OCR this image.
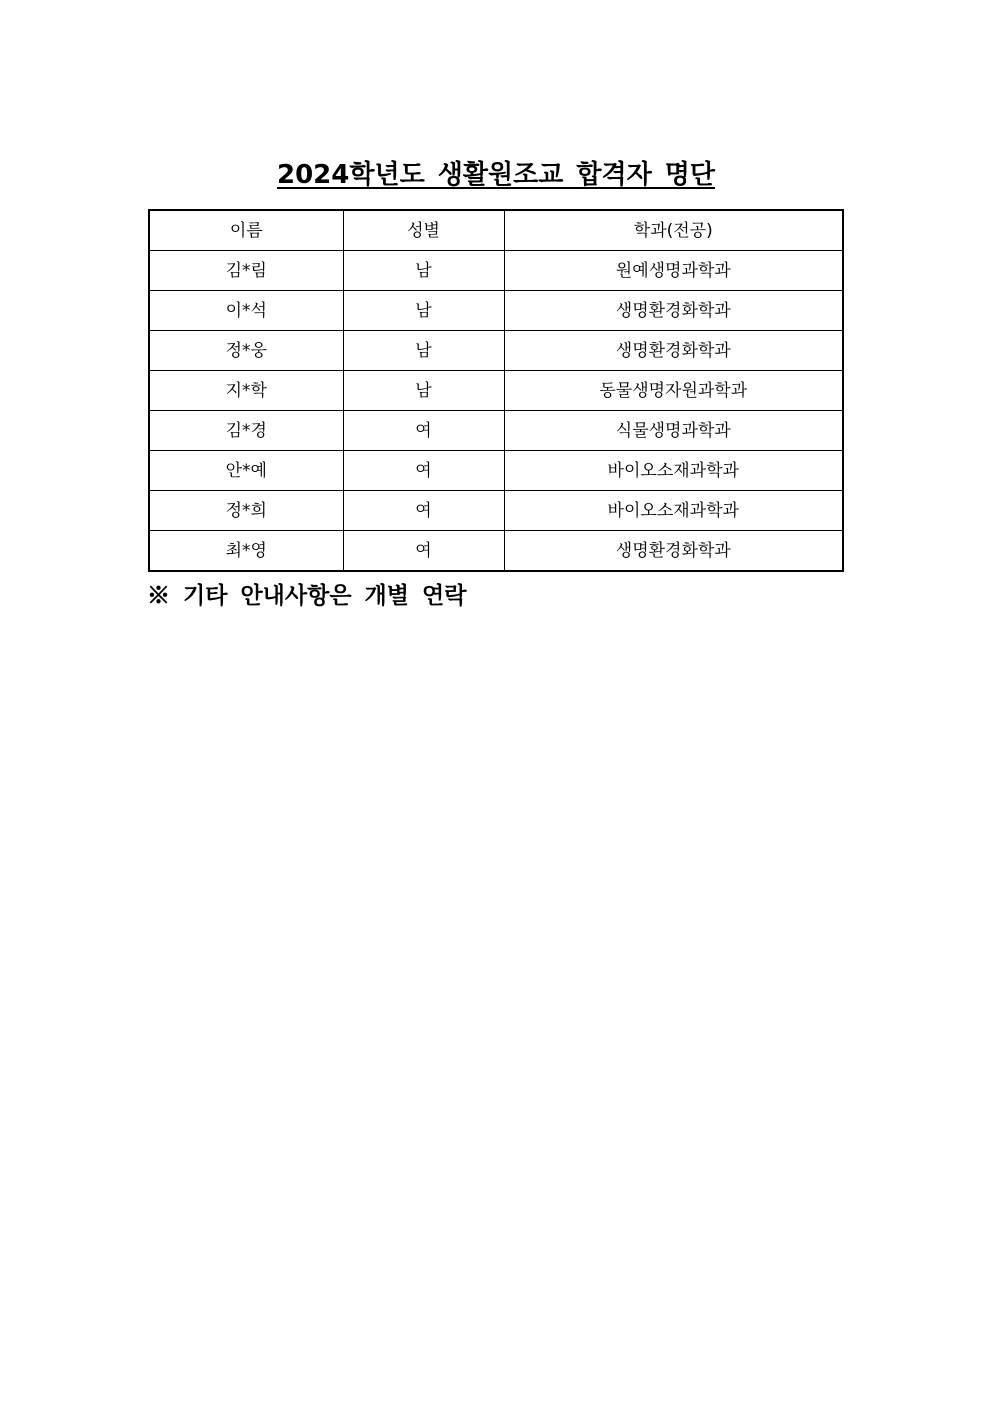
2024학년도 생활원조교 합격자 명단
이름	성별	학과(전공)
김*림	남	원예생명과학과
이*석	남	생명환경화학과
정*웅	남	생명환경화학과
지*학	남	동물생명자원과학과
김*경	여	식물생명과학과
안*예	여	바이오소재과학과
정*희	여	바이오소재과학과
최*영	여	생명환경화학과

※ 기타 안내사항은 개별 연락
